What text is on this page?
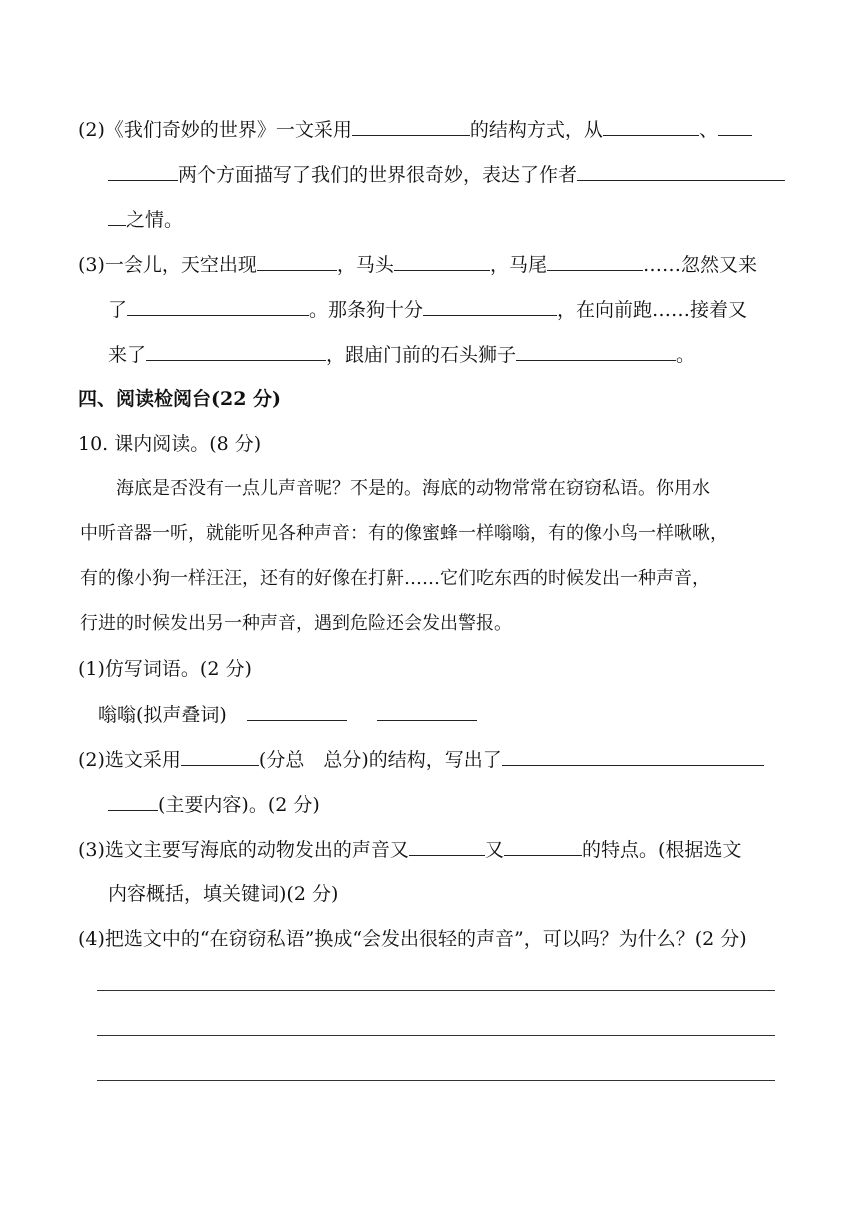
(2)《我们奇妙的世界》一文采用	的结构方式，从	、
两个方面描写了我们的世界很奇妙，表达了作者
之情。
(3)一会儿，天空出现	，马头	，马尾	……忽然又来
了	。那条狗十分	，在向前跑……接着又
来了	，跟庙门前的石头狮子	。
四、阅读检阅台(22 分)
10. 课内阅读。(8 分)
海底是否没有一点儿声音呢？不是的。海底的动物常常在窃窃私语。你用水
中听音器一听，就能听见各种声音：有的像蜜蜂一样嗡嗡，有的像小鸟一样啾啾，
有的像小狗一样汪汪，还有的好像在打鼾……它们吃东西的时候发出一种声音，
行进的时候发出另一种声音，遇到危险还会发出警报。
(1)仿写词语。(2 分)
嗡嗡(拟声叠词)
(2)选文采用	(分总　总分)的结构，写出了
(主要内容)。(2 分)
(3)选文主要写海底的动物发出的声音又	又	的特点。(根据选文
内容概括，填关键词)(2 分)
(4)把选文中的“在窃窃私语”换成“会发出很轻的声音”，可以吗？为什么？(2 分)
